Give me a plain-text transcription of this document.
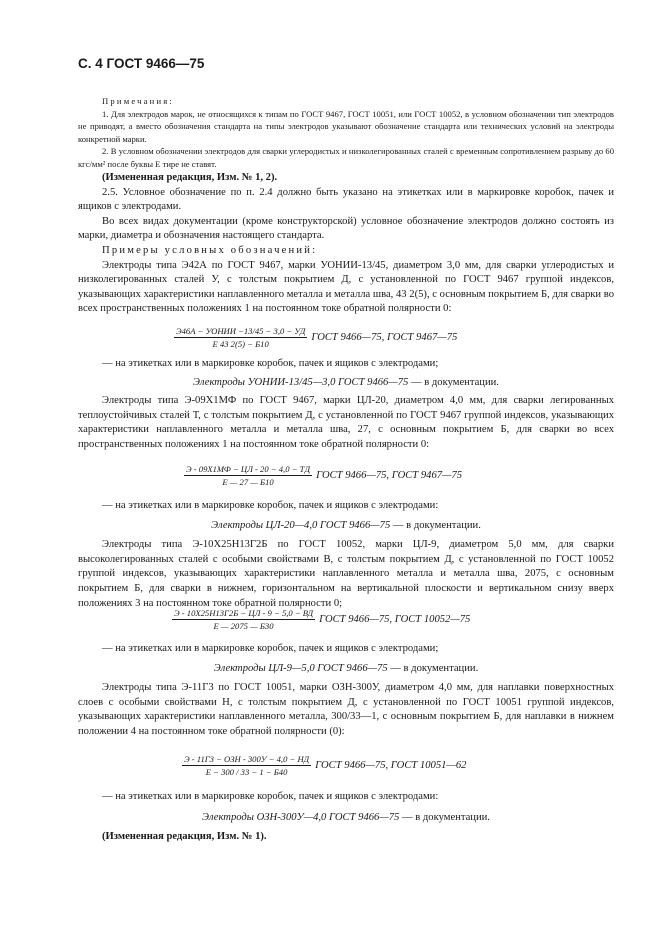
С. 4 ГОСТ 9466—75

Примечания:

1. Для электродов марок, не относящихся к типам по ГОСТ 9467, ГОСТ 10051, или ГОСТ 10052, в условном обозначении тип электродов не приводят, а вместо обозначения стандарта на типы электродов указывают обозначение стандарта или технических условий на электроды конкретной марки.

2. В условном обозначении электродов для сварки углеродистых и низколегированных сталей с временным сопротивлением разрыву до 60 кгс/мм² после буквы Е тире не ставят.

(Измененная редакция, Изм. № 1, 2).

2.5. Условное обозначение по п. 2.4 должно быть указано на этикетках или в маркировке коробок, пачек и ящиков с электродами.

Во всех видах документации (кроме конструкторской) условное обозначение электродов должно состоять из марки, диаметра и обозначения настоящего стандарта.

Примеры условных обозначений:

Электроды типа Э42А по ГОСТ 9467, марки УОНИИ-13/45, диаметром 3,0 мм, для сварки углеродистых и низколегированных сталей У, с толстым покрытием Д, с установленной по ГОСТ 9467 группой индексов, указывающих характеристики наплавленного металла и металла шва, 43 2(5), с основным покрытием Б, для сварки во всех пространственных положениях 1 на постоянном токе обратной полярности 0:

$\frac{\text{Э46А − УОНИИ −13/45 − 3,0 − УД}}{Е 43 2(5) - Б10}$ ГОСТ 9466—75, ГОСТ 9467—75

— на этикетках или в маркировке коробок, пачек и ящиков с электродами;

Электроды УОНИИ-13/45—3,0 ГОСТ 9466—75 — в документации.

Электроды типа Э-09Х1МФ по ГОСТ 9467, марки ЦЛ-20, диаметром 4,0 мм, для сварки легированных теплоустойчивых сталей Т, с толстым покрытием Д, с установленной по ГОСТ 9467 группой индексов, указывающих характеристики наплавленного металла и металла шва, 27, с основным покрытием Б, для сварки во всех пространственных положениях 1 на постоянном токе обратной полярности 0:

$\frac{Э - 09Х1МФ - ЦЛ - 20 - 4,0 - ТД}{Е — 27 — Б10}$ ГОСТ 9466—75, ГОСТ 9467—75

— на этикетках или в маркировке коробок, пачек и ящиков с электродами:

Электроды ЦЛ-20—4,0 ГОСТ 9466—75 — в документации.

Электроды типа Э-10Х25Н13Г2Б по ГОСТ 10052, марки ЦЛ-9, диаметром 5,0 мм, для сварки высоколегированных сталей с особыми свойствами В, с толстым покрытием Д, с установленной по ГОСТ 10052 группой индексов, указывающих характеристики наплавленного металла и металла шва, 2075, с основным покрытием Б, для сварки в нижнем, горизонтальном на вертикальной плоскости и вертикальном снизу вверх положениях 3 на постоянном токе обратной полярности 0;

$\frac{Э - 10Х25Н13Г2Б - ЦЛ - 9 - 5,0 - ВД}{Е — 2075 — Б30}$ ГОСТ 9466—75, ГОСТ 10052—75

— на этикетках или в маркировке коробок, пачек и ящиков с электродами;

Электроды ЦЛ-9—5,0 ГОСТ 9466—75 — в документации.

Электроды типа Э-11Г3 по ГОСТ 10051, марки ОЗН-300У, диаметром 4,0 мм, для наплавки поверхностных слоев с особыми свойствами Н, с толстым покрытием Д, с установленной по ГОСТ 10051 группой индексов, указывающих характеристики наплавленного металла, 300/33—1, с основным покрытием Б, для наплавки в нижнем положении 4 на постоянном токе обратной полярности (0):

$\frac{\text{Э - 11Г3 − ОЗН - 300У − 4,0 − НД}}{Е - 300 / 33 - 1 - Б40}$ ГОСТ 9466—75, ГОСТ 10051—62

— на этикетках или в маркировке коробок, пачек и ящиков с электродами:

Электроды ОЗН-300У—4,0 ГОСТ 9466—75 — в документации.

(Измененная редакция, Изм. № 1).
